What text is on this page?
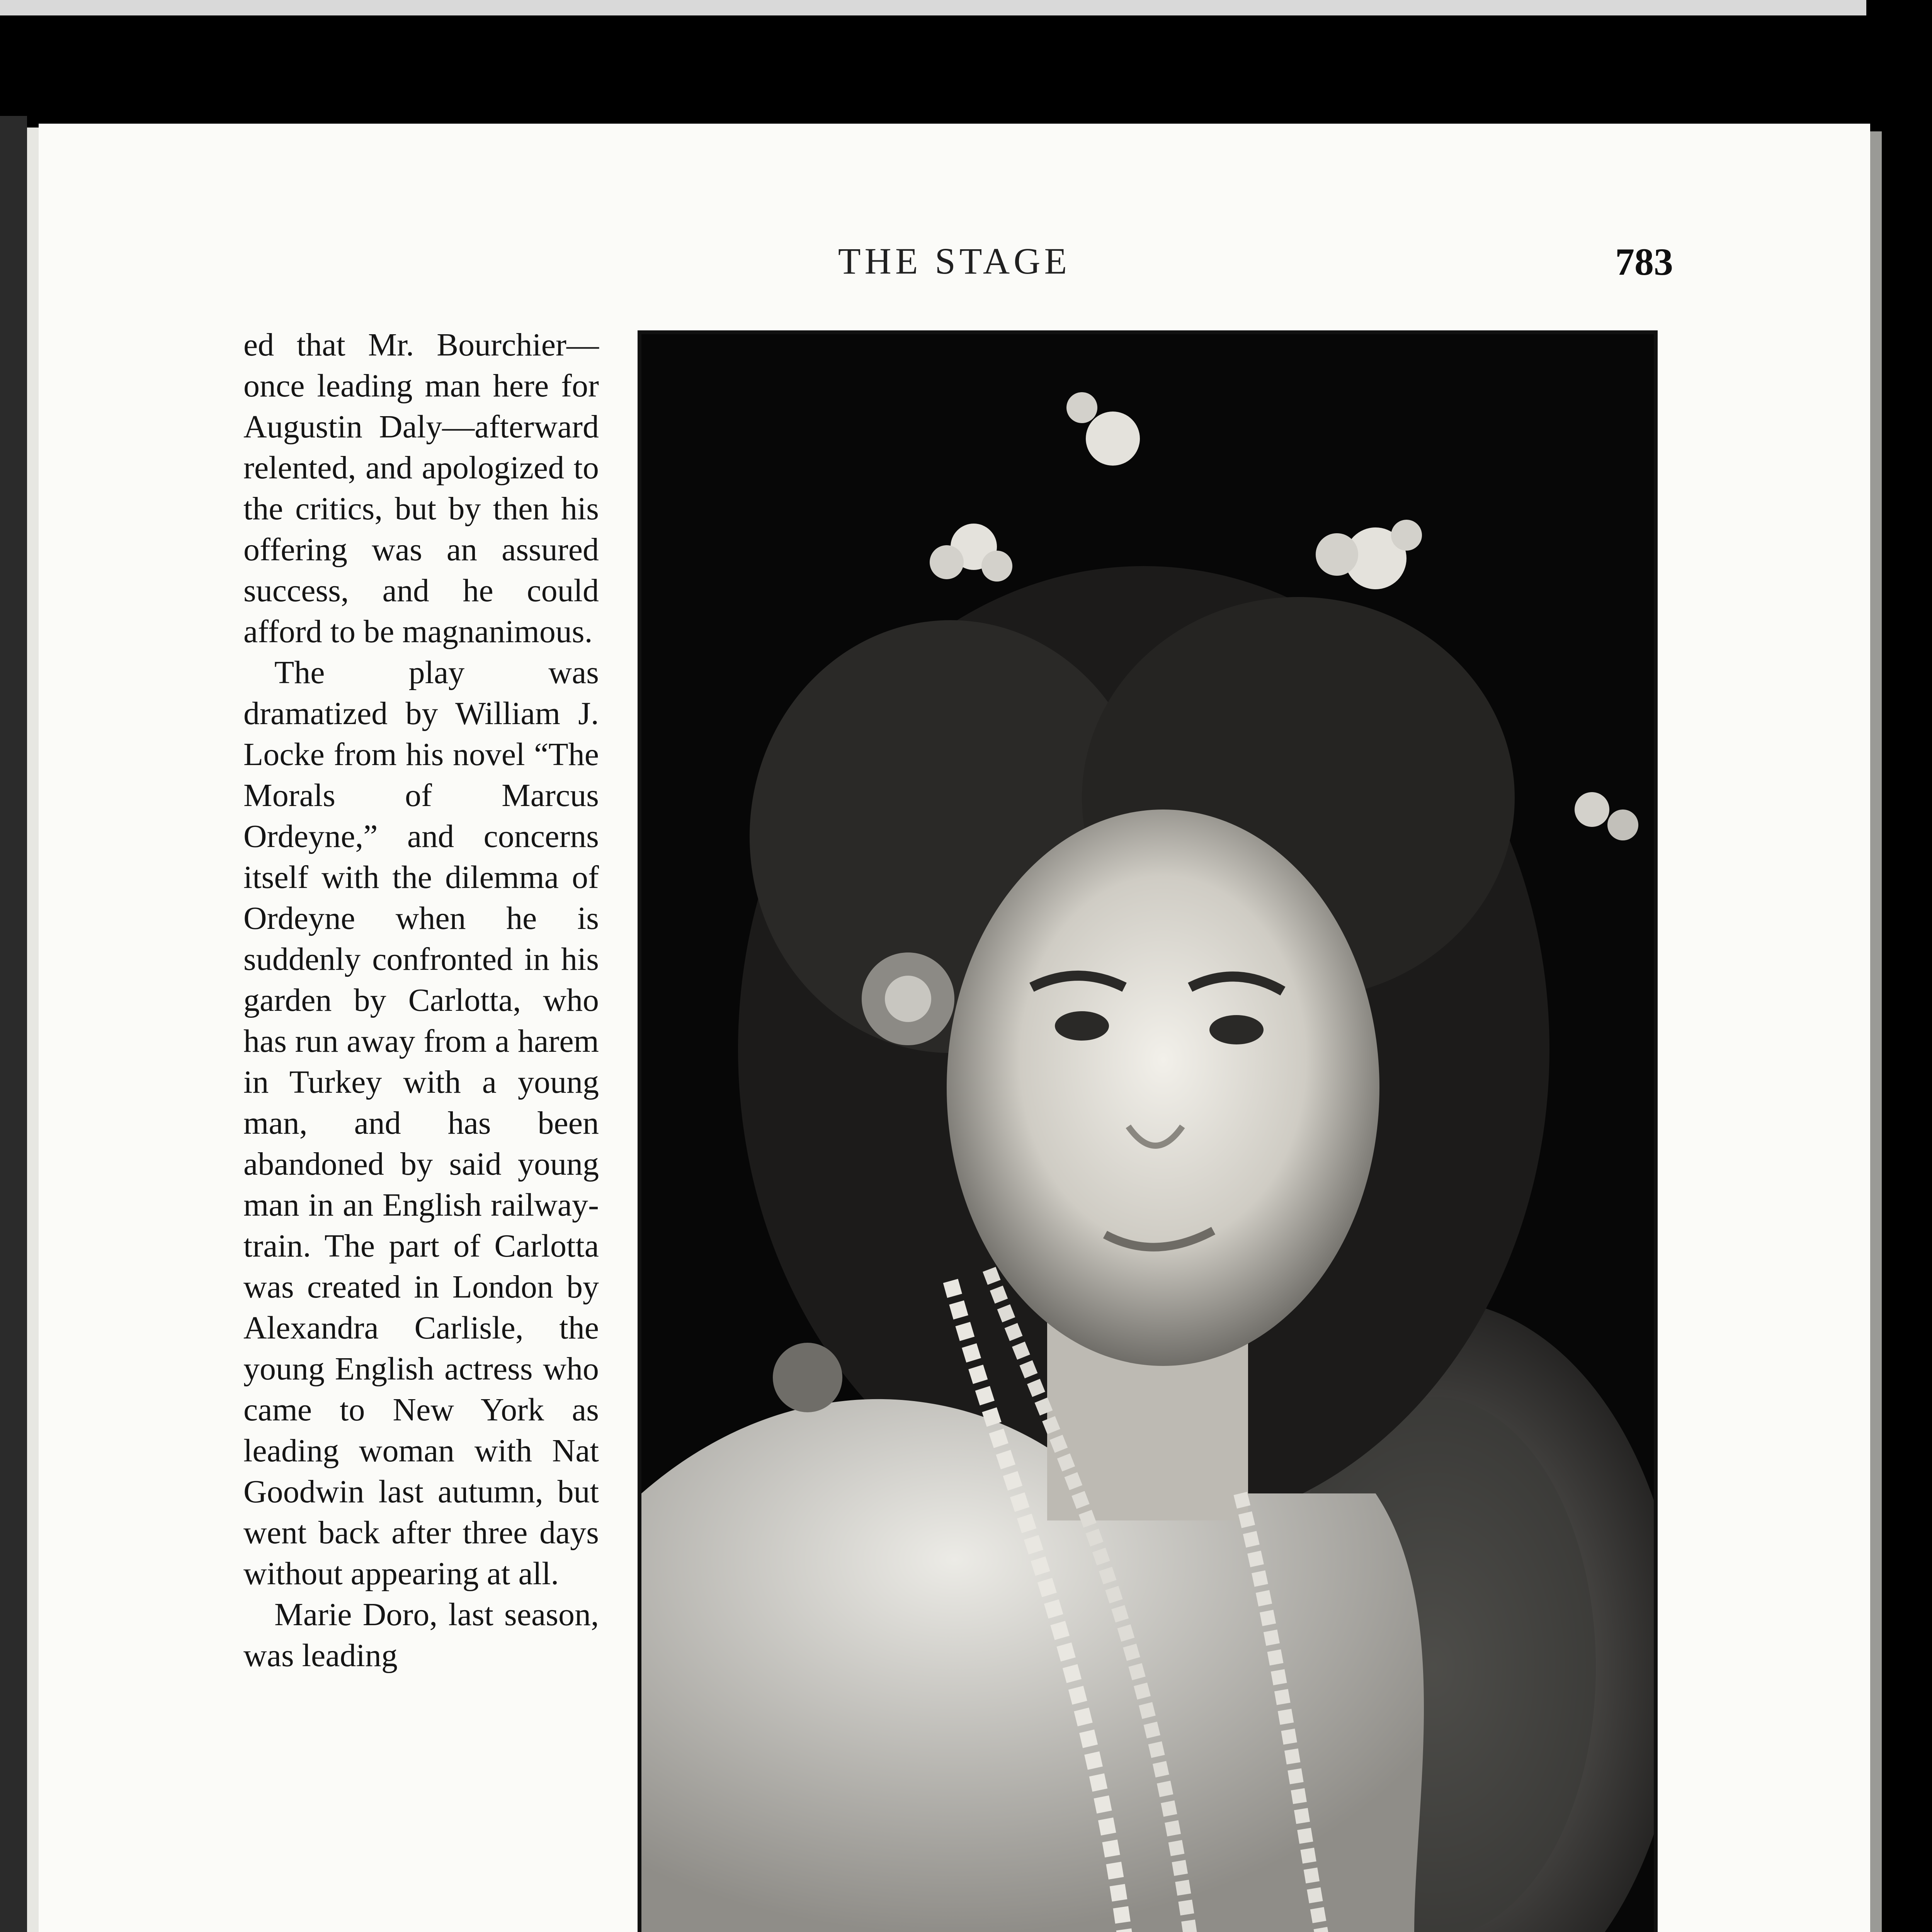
THE STAGE	783

ed that Mr. Bourchier—once leading man here for Augustin Daly—afterward relented, and apologized to the critics, but by then his offering was an assured success, and he could afford to be magnanimous.

The play was dramatized by William J. Locke from his novel “The Morals of Marcus Ordeyne,” and concerns itself with the dilemma of Ordeyne when he is suddenly confronted in his garden by Carlotta, who has run away from a harem in Turkey with a young man, and has been abandoned by said young man in an English railway-train. The part of Carlotta was created in London by Alexandra Carlisle, the young English actress who came to New York as leading woman with Nat Goodwin last autumn, but went back after three days without appearing at all.

Marie Doro, last season, was leading
